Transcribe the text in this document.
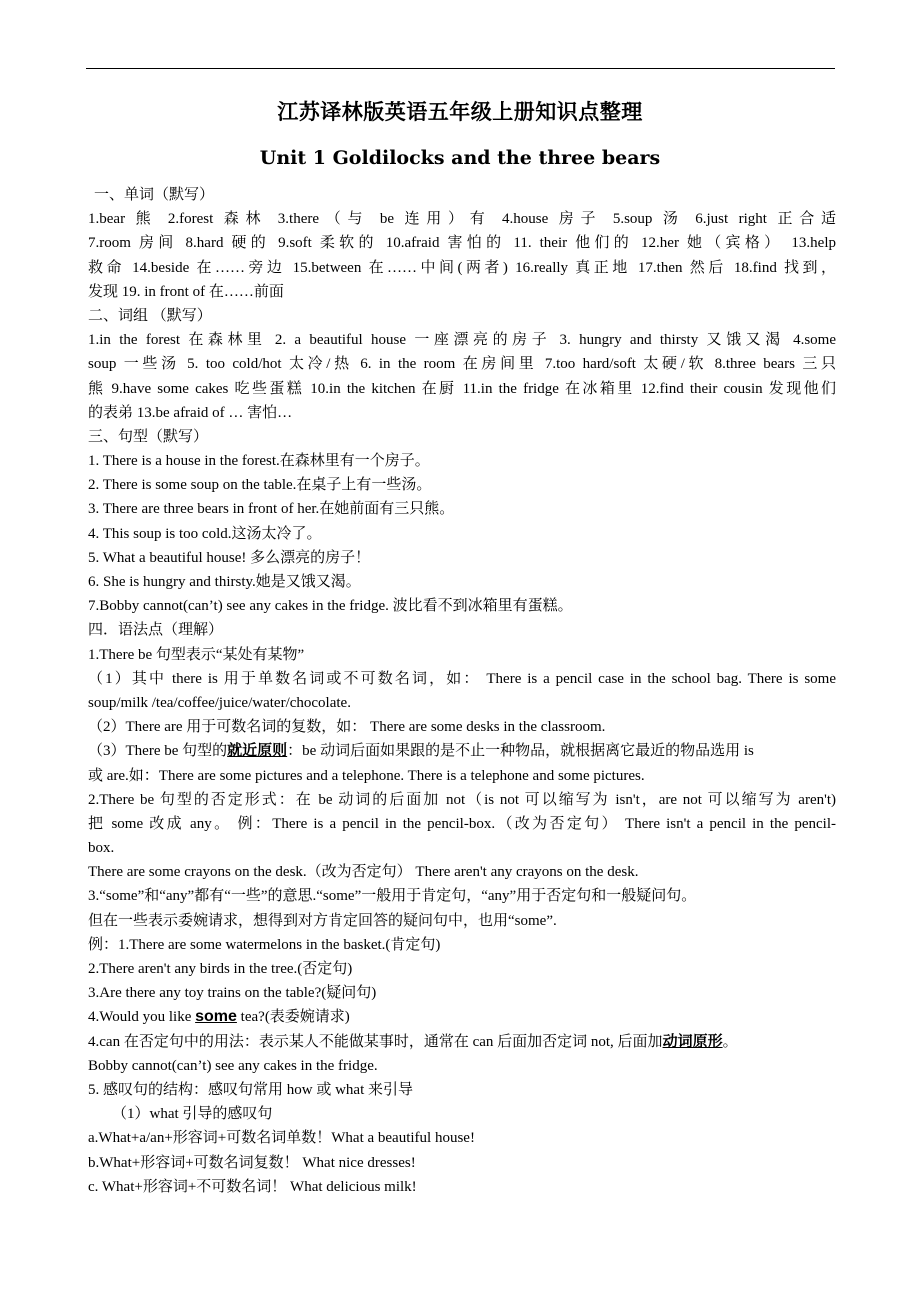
江苏译林版英语五年级上册知识点整理
Unit 1 Goldilocks and the three bears
一、单词（默写）
1.bear 熊 2.forest 森林 3.there（与 be 连用）有 4.house 房子 5.soup 汤 6.just right 正合适
7.room 房间 8.hard 硬的 9.soft 柔软的 10.afraid 害怕的 11. their 他们的 12.her 她（宾格） 13.help
救命 14.beside 在……旁边 15.between 在……中间(两者) 16.really 真正地 17.then 然后 18.find 找到，
发现 19. in front of 在……前面
二、词组 （默写）
1.in the forest 在森林里 2. a beautiful house 一座漂亮的房子 3. hungry and thirsty 又饿又渴 4.some
soup 一些汤 5. too cold/hot 太冷/热 6. in the room 在房间里 7.too hard/soft 太硬/软 8.three bears 三只
熊 9.have some cakes 吃些蛋糕 10.in the kitchen 在厨 11.in the fridge 在冰箱里 12.find their cousin 发现他们
的表弟 13.be afraid of … 害怕…
三、句型（默写）
1. There is a house in the forest.在森林里有一个房子。
2. There is some soup on the table.在桌子上有一些汤。
3. There are three bears in front of her.在她前面有三只熊。
4. This soup is too cold.这汤太冷了。
5. What a beautiful house! 多么漂亮的房子！
6. She is hungry and thirsty.她是又饿又渴。
7.Bobby cannot(can’t) see any cakes in the fridge. 波比看不到冰箱里有蛋糕。
四．语法点（理解）
1.There be 句型表示“某处有某物”
（1）其中 there is 用于单数名词或不可数名词，如： There is a pencil case in the school bag. There is some
soup/milk /tea/coffee/juice/water/chocolate.
（2）There are 用于可数名词的复数，如： There are some desks in the classroom.
（3）There be 句型的就近原则：be 动词后面如果跟的是不止一种物品，就根据离它最近的物品选用 is
或 are.如：There are some pictures and a telephone. There is a telephone and some pictures.
2.There be 句型的否定形式：在 be 动词的后面加 not（is not 可以缩写为 isn't，are not 可以缩写为 aren't)
把 some 改成 any。 例：There is a pencil in the pencil-box.（改为否定句） There isn't a pencil in the pencil-
box.
There are some crayons on the desk.（改为否定句） There aren't any crayons on the desk.
3.“some”和“any”都有“一些”的意思.“some”一般用于肯定句，“any”用于否定句和一般疑问句。
但在一些表示委婉请求，想得到对方肯定回答的疑问句中，也用“some”.
例：1.There are some watermelons in the basket.(肯定句)
2.There aren't any birds in the tree.(否定句)
3.Are there any toy trains on the table?(疑问句)
4.Would you like some tea?(表委婉请求)
4.can 在否定句中的用法：表示某人不能做某事时，通常在 can 后面加否定词 not, 后面加动词原形。
Bobby cannot(can’t) see any cakes in the fridge.
5. 感叹句的结构：感叹句常用 how 或 what 来引导
（1）what 引导的感叹句
a.What+a/an+形容词+可数名词单数！What a beautiful house!
b.What+形容词+可数名词复数！ What nice dresses!
c. What+形容词+不可数名词！ What delicious milk!
